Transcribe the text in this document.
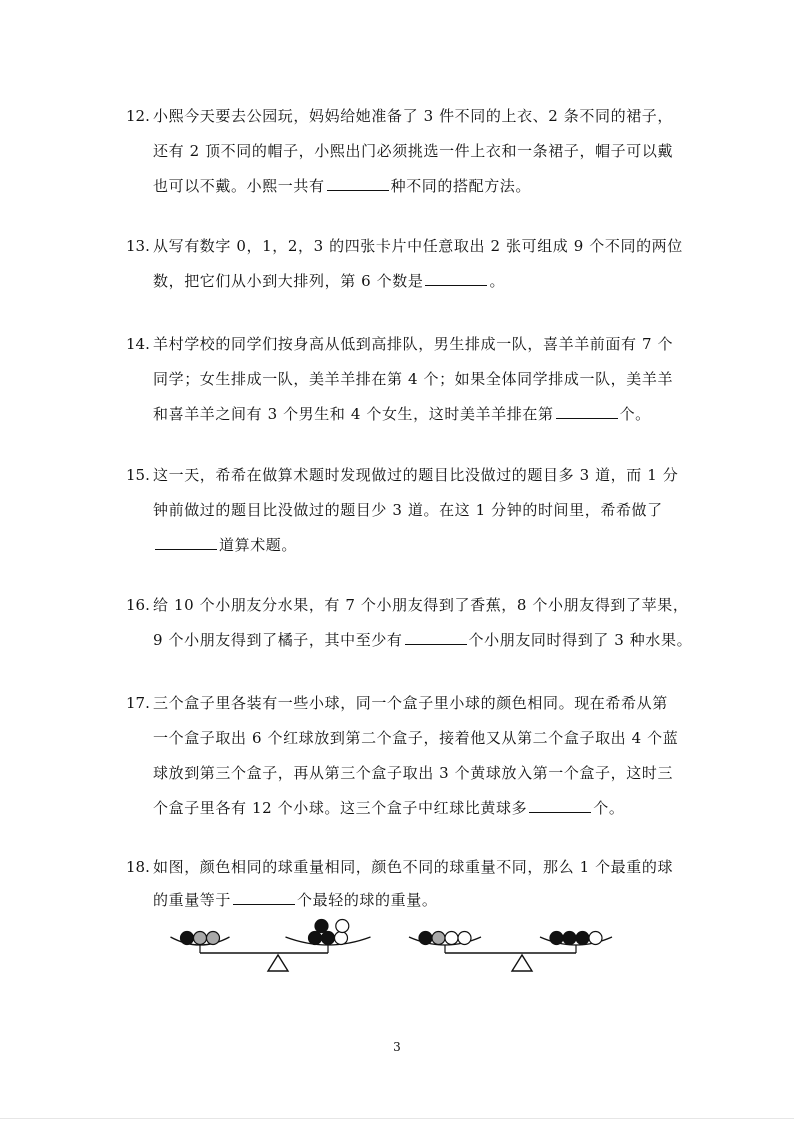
12. 小熙今天要去公园玩，妈妈给她准备了 3 件不同的上衣、2 条不同的裙子，
还有 2 顶不同的帽子，小熙出门必须挑选一件上衣和一条裙子，帽子可以戴
也可以不戴。小熙一共有	种不同的搭配方法。
13. 从写有数字 0，1，2，3 的四张卡片中任意取出 2 张可组成 9 个不同的两位
数，把它们从小到大排列，第 6 个数是	。
14. 羊村学校的同学们按身高从低到高排队，男生排成一队，喜羊羊前面有 7 个
同学；女生排成一队，美羊羊排在第 4 个；如果全体同学排成一队，美羊羊
和喜羊羊之间有 3 个男生和 4 个女生，这时美羊羊排在第	个。
15. 这一天，希希在做算术题时发现做过的题目比没做过的题目多 3 道，而 1 分
钟前做过的题目比没做过的题目少 3 道。在这 1 分钟的时间里，希希做了
道算术题。
16. 给 10 个小朋友分水果，有 7 个小朋友得到了香蕉，8 个小朋友得到了苹果，
9 个小朋友得到了橘子，其中至少有	个小朋友同时得到了 3 种水果。
17. 三个盒子里各装有一些小球，同一个盒子里小球的颜色相同。现在希希从第
一个盒子取出 6 个红球放到第二个盒子，接着他又从第二个盒子取出 4 个蓝
球放到第三个盒子，再从第三个盒子取出 3 个黄球放入第一个盒子，这时三
个盒子里各有 12 个小球。这三个盒子中红球比黄球多	个。
18. 如图，颜色相同的球重量相同，颜色不同的球重量不同，那么 1 个最重的球
的重量等于	个最轻的球的重量。
3
